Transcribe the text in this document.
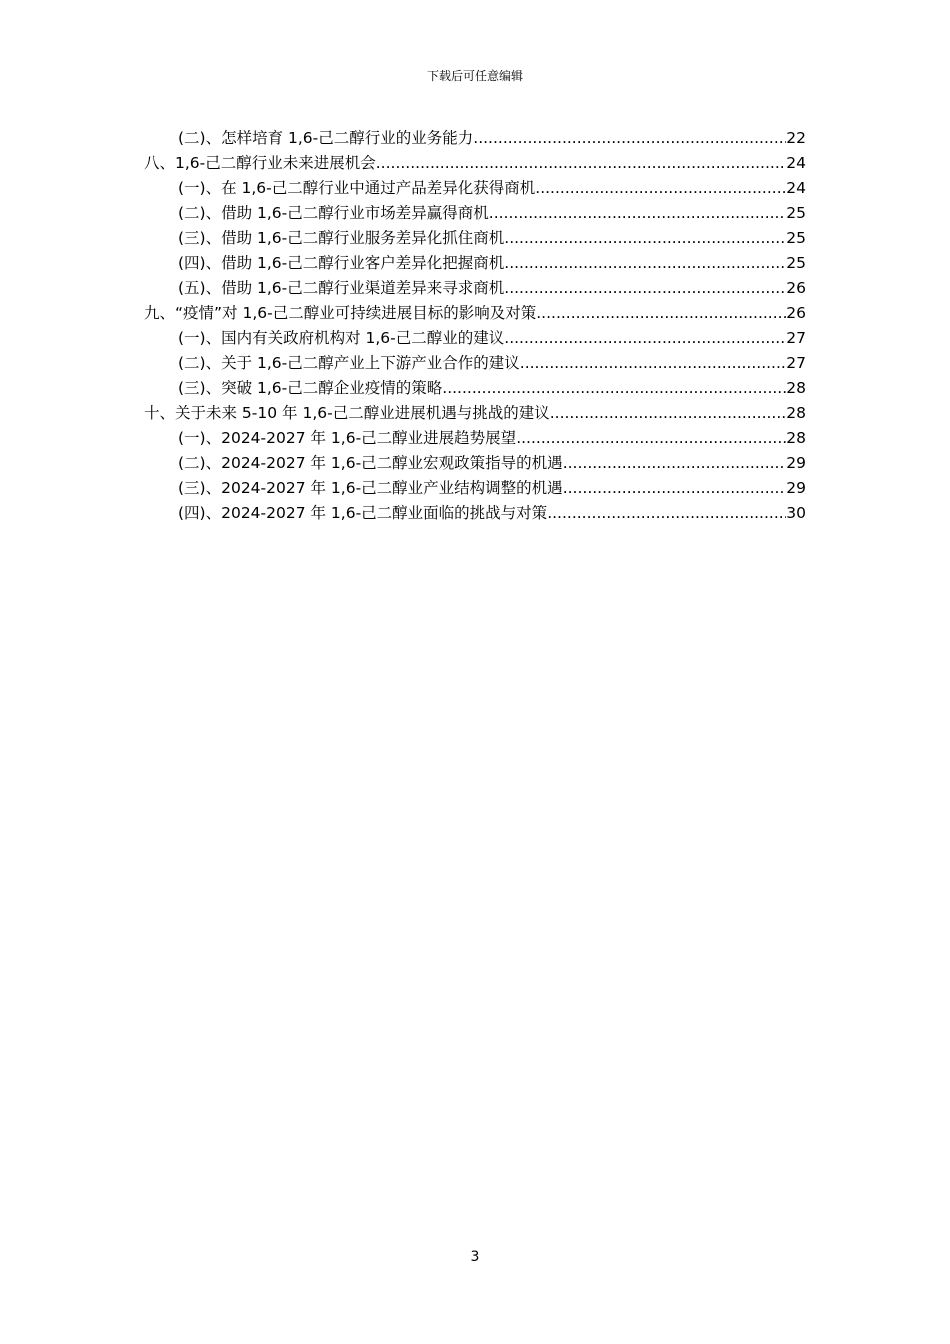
下载后可任意编辑
(二)、怎样培育 1,6-己二醇行业的业务能力 .....	22
八、1,6-己二醇行业未来进展机会 .....	24
(一)、在 1,6-己二醇行业中通过产品差异化获得商机 .....	24
(二)、借助 1,6-己二醇行业市场差异赢得商机 .....	25
(三)、借助 1,6-己二醇行业服务差异化抓住商机 .....	25
(四)、借助 1,6-己二醇行业客户差异化把握商机 .....	25
(五)、借助 1,6-己二醇行业渠道差异来寻求商机 .....	26
九、“疫情”对 1,6-己二醇业可持续进展目标的影响及对策 .....	26
(一)、国内有关政府机构对 1,6-己二醇业的建议 .....	27
(二)、关于 1,6-己二醇产业上下游产业合作的建议 .....	27
(三)、突破 1,6-己二醇企业疫情的策略 .....	28
十、关于未来 5-10 年 1,6-己二醇业进展机遇与挑战的建议 .....	28
(一)、2024-2027 年 1,6-己二醇业进展趋势展望 .....	28
(二)、2024-2027 年 1,6-己二醇业宏观政策指导的机遇 .....	29
(三)、2024-2027 年 1,6-己二醇业产业结构调整的机遇 .....	29
(四)、2024-2027 年 1,6-己二醇业面临的挑战与对策 .....	30
3
